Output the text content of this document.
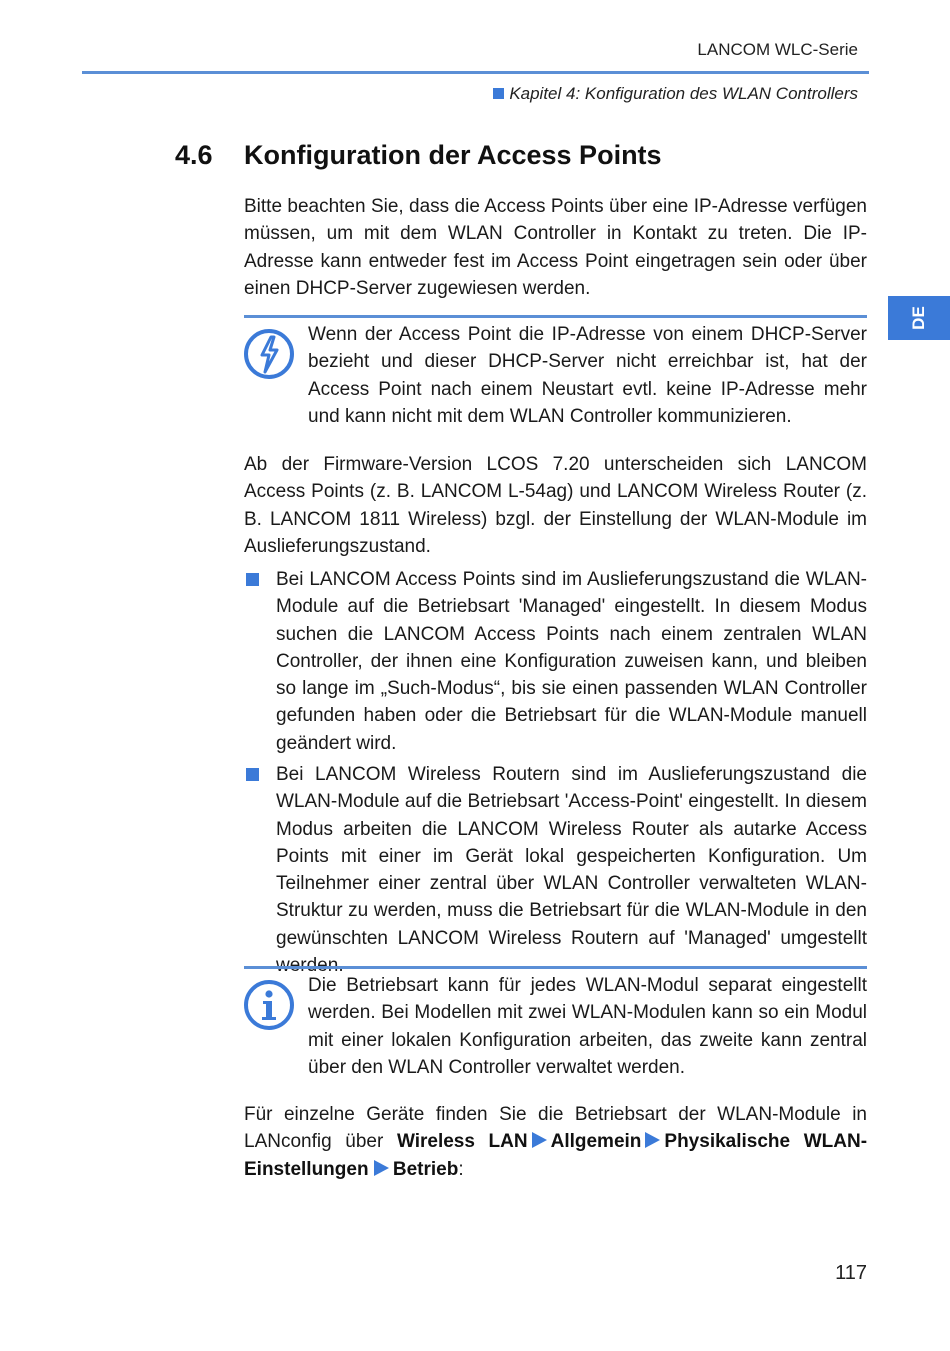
LANCOM WLC-Serie
Kapitel 4: Konfiguration des WLAN Controllers
DE
4.6 Konfiguration der Access Points

Bitte beachten Sie, dass die Access Points über eine IP-Adresse verfügen müssen, um mit dem WLAN Controller in Kontakt zu treten. Die IP-Adresse kann entweder fest im Access Point eingetragen sein oder über einen DHCP-Server zugewiesen werden.

Wenn der Access Point die IP-Adresse von einem DHCP-Server bezieht und dieser DHCP-Server nicht erreichbar ist, hat der Access Point nach einem Neustart evtl. keine IP-Adresse mehr und kann nicht mit dem WLAN Controller kommunizieren.

Ab der Firmware-Version LCOS 7.20 unterscheiden sich LANCOM Access Points (z. B. LANCOM L-54ag) und LANCOM Wireless Router (z. B. LANCOM 1811 Wireless) bzgl. der Einstellung der WLAN-Module im Auslieferungszustand.

Bei LANCOM Access Points sind im Auslieferungszustand die WLAN-Module auf die Betriebsart 'Managed' eingestellt. In diesem Modus suchen die LANCOM Access Points nach einem zentralen WLAN Controller, der ihnen eine Konfiguration zuweisen kann, und bleiben so lange im „Such-Modus“, bis sie einen passenden WLAN Controller gefunden haben oder die Betriebsart für die WLAN-Module manuell geändert wird.

Bei LANCOM Wireless Routern sind im Auslieferungszustand die WLAN-Module auf die Betriebsart 'Access-Point' eingestellt. In diesem Modus arbeiten die LANCOM Wireless Router als autarke Access Points mit einer im Gerät lokal gespeicherten Konfiguration. Um Teilnehmer einer zentral über WLAN Controller verwalteten WLAN-Struktur zu werden, muss die Betriebsart für die WLAN-Module in den gewünschten LANCOM Wireless Routern auf 'Managed' umgestellt

Die Betriebsart kann für jedes WLAN-Modul separat eingestellt werden. Bei Modellen mit zwei WLAN-Modulen kann so ein Modul mit einer lokalen Konfiguration arbeiten, das zweite kann zentral über den WLAN Controller verwaltet werden.

Für einzelne Geräte finden Sie die Betriebsart der WLAN-Module in LANconfig über Wireless LAN Allgemein Physikalische WLAN-Einstellungen Betrieb:

117
